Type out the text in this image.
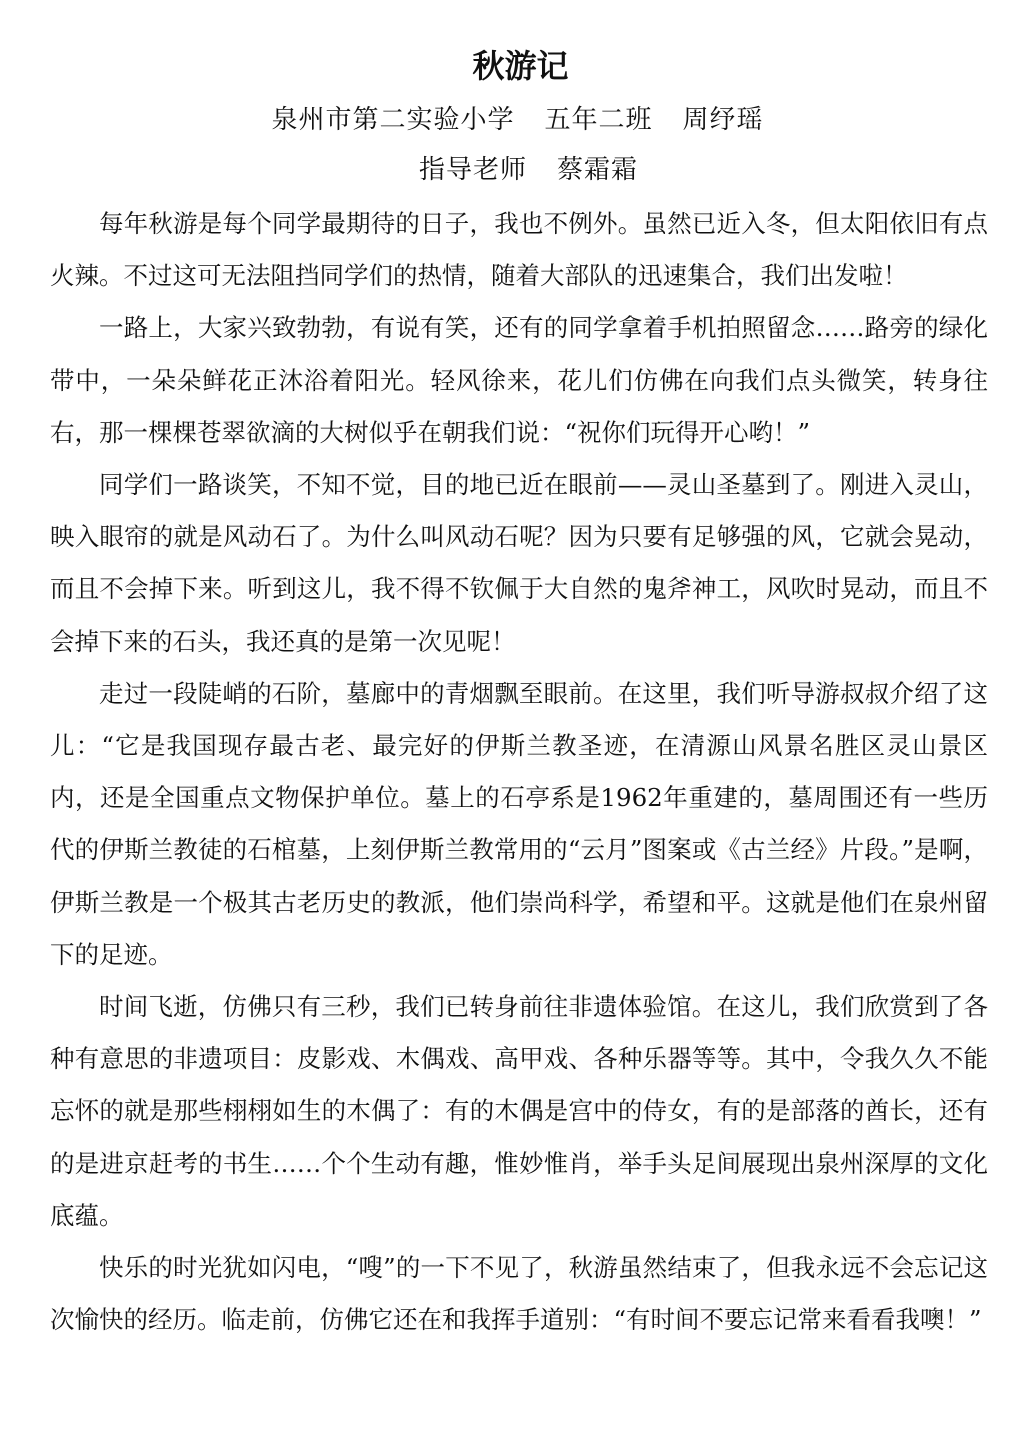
秋游记
泉州市第二实验小学 五年二班 周纾瑶
指导老师 蔡霜霜

每年秋游是每个同学最期待的日子，我也不例外。虽然已近入冬，但太阳依旧有点火辣。不过这可无法阻挡同学们的热情，随着大部队的迅速集合，我们出发啦！

一路上，大家兴致勃勃，有说有笑，还有的同学拿着手机拍照留念……路旁的绿化带中，一朵朵鲜花正沐浴着阳光。轻风徐来，花儿们仿佛在向我们点头微笑，转身往右，那一棵棵苍翠欲滴的大树似乎在朝我们说：“祝你们玩得开心哟！”

同学们一路谈笑，不知不觉，目的地已近在眼前——灵山圣墓到了。刚进入灵山，映入眼帘的就是风动石了。为什么叫风动石呢？因为只要有足够强的风，它就会晃动，而且不会掉下来。听到这儿，我不得不钦佩于大自然的鬼斧神工，风吹时晃动，而且不会掉下来的石头，我还真的是第一次见呢！

走过一段陡峭的石阶，墓廊中的青烟飘至眼前。在这里，我们听导游叔叔介绍了这儿：“它是我国现存最古老、最完好的伊斯兰教圣迹，在清源山风景名胜区灵山景区内，还是全国重点文物保护单位。墓上的石亭系是1962年重建的，墓周围还有一些历代的伊斯兰教徒的石棺墓，上刻伊斯兰教常用的“云月”图案或《古兰经》片段。”是啊，伊斯兰教是一个极其古老历史的教派，他们崇尚科学，希望和平。这就是他们在泉州留下的足迹。

时间飞逝，仿佛只有三秒，我们已转身前往非遗体验馆。在这儿，我们欣赏到了各种有意思的非遗项目：皮影戏、木偶戏、高甲戏、各种乐器等等。其中，令我久久不能忘怀的就是那些栩栩如生的木偶了：有的木偶是宫中的侍女，有的是部落的酋长，还有的是进京赶考的书生……个个生动有趣，惟妙惟肖，举手头足间展现出泉州深厚的文化底蕴。

快乐的时光犹如闪电，“嗖”的一下不见了，秋游虽然结束了，但我永远不会忘记这次愉快的经历。临走前，仿佛它还在和我挥手道别：“有时间不要忘记常来看看我噢！”
